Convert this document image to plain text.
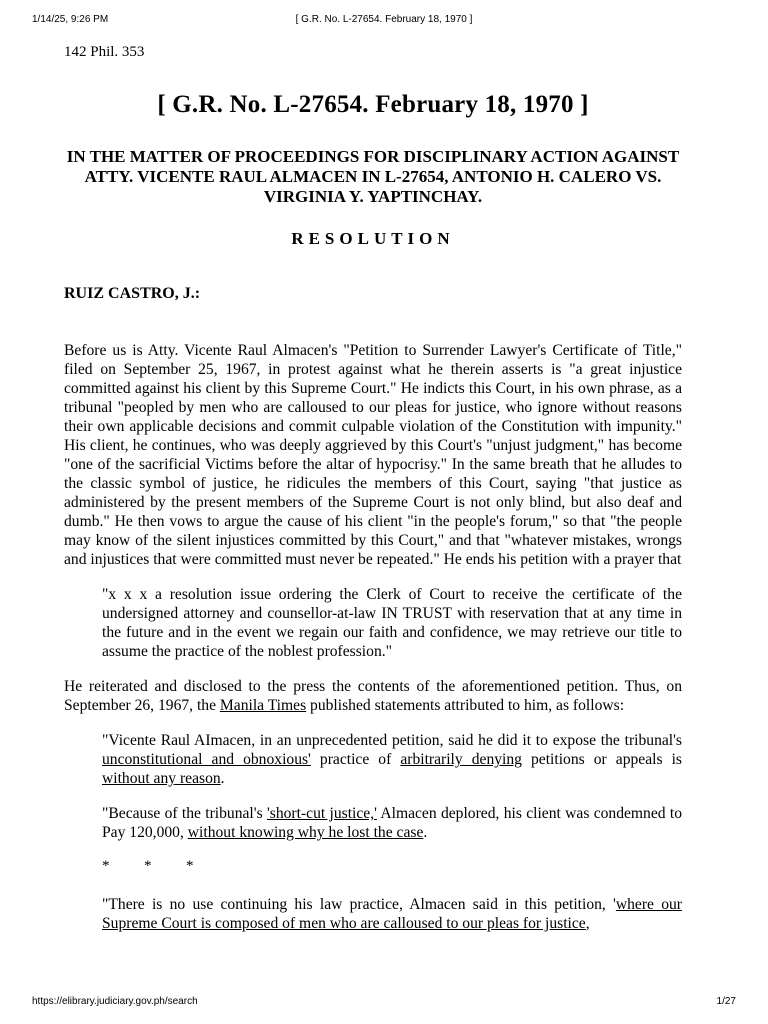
1/14/25, 9:26 PM	[ G.R. No. L-27654. February 18, 1970 ]
142 Phil. 353
[ G.R. No. L-27654. February 18, 1970 ]
IN THE MATTER OF PROCEEDINGS FOR DISCIPLINARY ACTION AGAINST ATTY. VICENTE RAUL ALMACEN IN L-27654, ANTONIO H. CALERO VS. VIRGINIA Y. YAPTINCHAY.
RESOLUTION
RUIZ CASTRO, J.:

Before us is Atty. Vicente Raul Almacen's "Petition to Surrender Lawyer's Certificate of Title," filed on September 25, 1967, in protest against what he therein asserts is "a great injustice committed against his client by this Supreme Court." He indicts this Court, in his own phrase, as a tribunal "peopled by men who are calloused to our pleas for justice, who ignore without reasons their own applicable decisions and commit culpable violation of the Constitution with impunity." His client, he continues, who was deeply aggrieved by this Court's "unjust judgment," has become "one of the sacrificial Victims before the altar of hypocrisy." In the same breath that he alludes to the classic symbol of justice, he ridicules the members of this Court, saying "that justice as administered by the present members of the Supreme Court is not only blind, but also deaf and dumb." He then vows to argue the cause of his client "in the people's forum," so that "the people may know of the silent injustices committed by this Court," and that "whatever mistakes, wrongs and injustices that were committed must never be repeated." He ends his petition with a prayer that

"x x x a resolution issue ordering the Clerk of Court to receive the certificate of the undersigned attorney and counsellor-at-law IN TRUST with reservation that at any time in the future and in the event we regain our faith and confidence, we may retrieve our title to assume the practice of the noblest profession."

He reiterated and disclosed to the press the contents of the aforementioned petition. Thus, on September 26, 1967, the Manila Times published statements attributed to him, as follows:

"Vicente Raul AImacen, in an unprecedented petition, said he did it to expose the tribunal's unconstitutional and obnoxious' practice of arbitrarily denying petitions or appeals is without any reason.

"Because of the tribunal's 'short-cut justice,' Almacen deplored, his client was condemned to Pay 120,000, without knowing why he lost the case.

* * *

"There is no use continuing his law practice, Almacen said in this petition, 'where our Supreme Court is composed of men who are calloused to our pleas for justice,

https://elibrary.judiciary.gov.ph/search	1/27
